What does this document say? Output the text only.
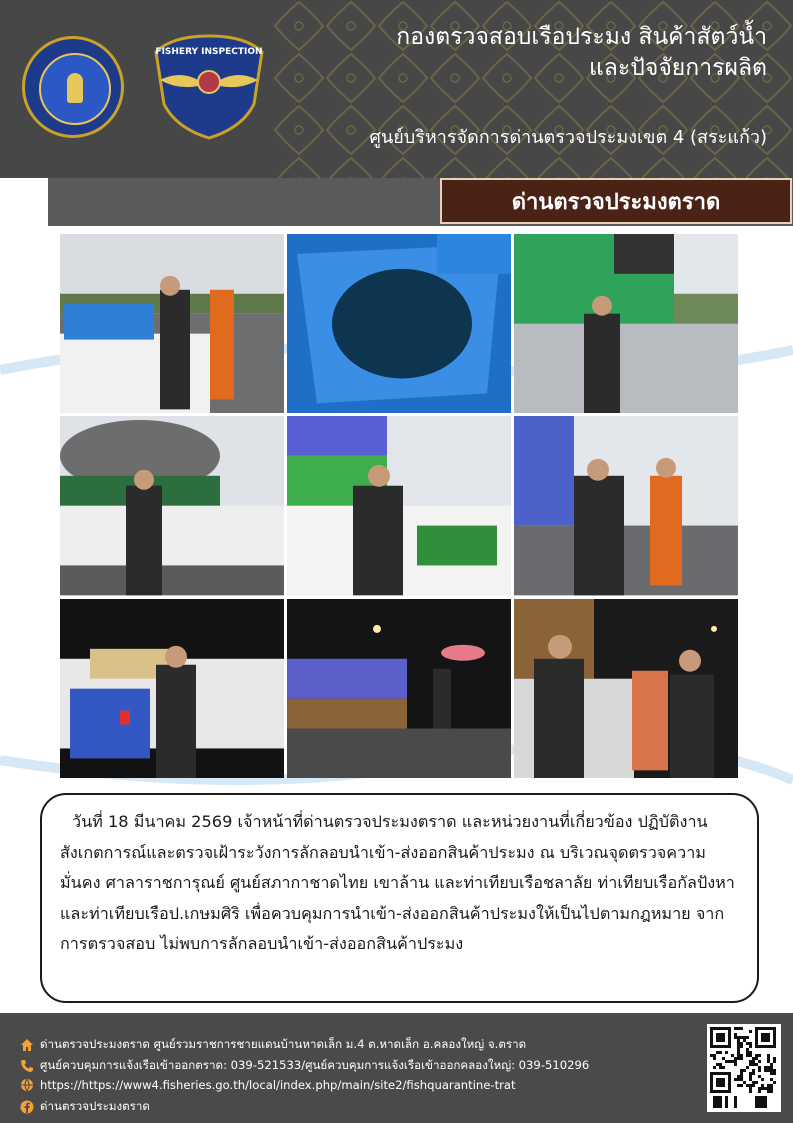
FISHERY INSPECTION
กองตรวจสอบเรือประมง สินค้าสัตว์น้ำ
และปัจจัยการผลิต
ศูนย์บริหารจัดการด่านตรวจประมงเขต 4 (สระแก้ว)
ด่านตรวจประมงตราด

วันที่ 18 มีนาคม 2569 เจ้าหน้าที่ด่านตรวจประมงตราด และหน่วยงานที่เกี่ยวข้อง ปฏิบัติงานสังเกตการณ์และตรวจเฝ้าระวังการลักลอบนำเข้า-ส่งออกสินค้าประมง ณ บริเวณจุดตรวจความมั่นคง ศาลาราชการุณย์ ศูนย์สภากาชาดไทย เขาล้าน และท่าเทียบเรือชลาลัย ท่าเทียบเรือกัลปังหา และท่าเทียบเรือป.เกษมศิริ เพื่อควบคุมการนำเข้า-ส่งออกสินค้าประมงให้เป็นไปตามกฎหมาย จากการตรวจสอบ ไม่พบการลักลอบนำเข้า-ส่งออกสินค้าประมง

ด่านตรวจประมงตราด ศูนย์รวมราชการชายแดนบ้านหาดเล็ก ม.4 ต.หาดเล็ก อ.คลองใหญ่ จ.ตราด
ศูนย์ควบคุมการแจ้งเรือเข้าออกตราด: 039-521533/ศูนย์ควบคุมการแจ้งเรือเข้าออกคลองใหญ่: 039-510296
https://https://www4.fisheries.go.th/local/index.php/main/site2/fishquarantine-trat
ด่านตรวจประมงตราด
